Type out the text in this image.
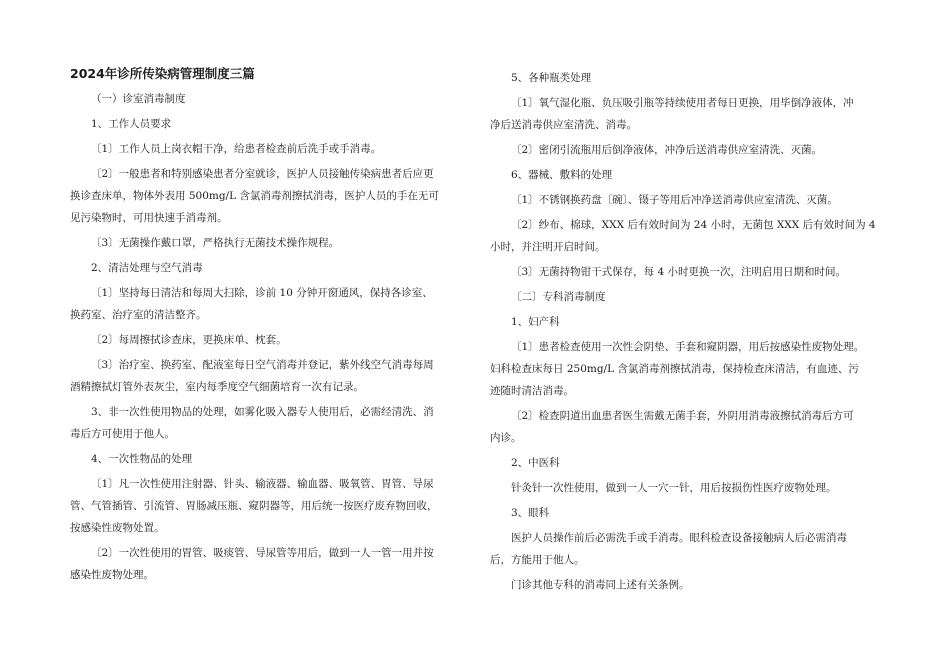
2024年诊所传染病管理制度三篇
（一）诊室消毒制度
1、工作人员要求
〔1〕工作人员上岗衣帽干净，给患者检查前后洗手或手消毒。
〔2〕一般患者和特别感染患者分室就诊，医护人员接触传染病患者后应更
换诊查床单，物体外表用 500mg/L 含氯消毒剂擦拭消毒，医护人员的手在无可
见污染物时，可用快速手消毒剂。
〔3〕无菌操作戴口罩，严格执行无菌技术操作规程。
2、清洁处理与空气消毒
〔1〕坚持每日清洁和每周大扫除，诊前 10 分钟开窗通风，保持各诊室、
换药室、治疗室的清洁整齐。
〔2〕每周擦拭诊查床，更换床单、枕套。
〔3〕治疗室、换药室、配液室每日空气消毒并登记，紫外线空气消毒每周
酒精擦拭灯管外表灰尘，室内每季度空气细菌培育一次有记录。
3、非一次性使用物品的处理，如雾化吸入器专人使用后，必需经清洗、消
毒后方可使用于他人。
4、一次性物品的处理
〔1〕凡一次性使用注射器、针头、输液器、输血器、吸氧管、胃管、导尿
管、气管插管、引流管、胃肠减压瓶、窥阴器等，用后统一按医疗废弃物回收，
按感染性废物处置。
〔2〕一次性使用的胃管、吸痰管、导尿管等用后，做到一人一管一用并按
感染性废物处理。
5、各种瓶类处理
〔1〕氧气湿化瓶、负压吸引瓶等持续使用者每日更换，用毕倒净液体，冲
净后送消毒供应室清洗、消毒。
〔2〕密闭引流瓶用后倒净液体，冲净后送消毒供应室清洗、灭菌。
6、器械、敷料的处理
〔1〕不锈钢换药盘〔碗〕、镊子等用后冲净送消毒供应室清洗、灭菌。
〔2〕纱布、棉球，XXX 后有效时间为 24 小时，无菌包 XXX 后有效时间为 4
小时，并注明开启时间。
〔3〕无菌持物钳干式保存，每 4 小时更换一次，注明启用日期和时间。
〔二〕专科消毒制度
1、妇产科
〔1〕患者检查使用一次性会阴垫、手套和窥阴器，用后按感染性废物处理。
妇科检查床每日 250mg/L 含氯消毒剂擦拭消毒，保持检查床清洁，有血迹、污
迹随时清洁消毒。
〔2〕检查阴道出血患者医生需戴无菌手套，外阴用消毒液擦拭消毒后方可
内诊。
2、中医科
针灸针一次性使用，做到一人一穴一针，用后按损伤性医疗废物处理。
3、眼科
医护人员操作前后必需洗手或手消毒。眼科检查设备接触病人后必需消毒
后，方能用于他人。
门诊其他专科的消毒同上述有关条例。
